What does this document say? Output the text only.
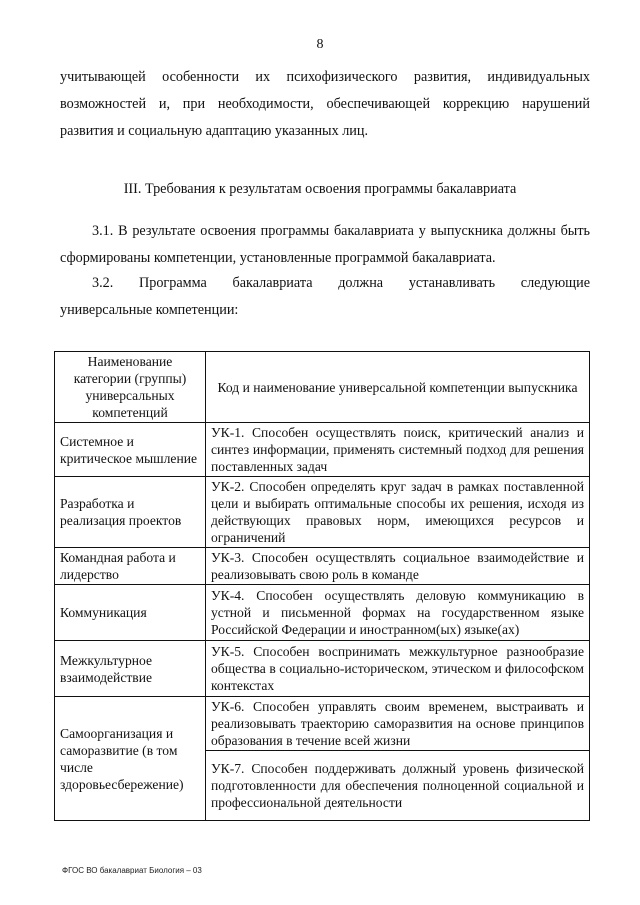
8
учитывающей особенности их психофизического развития, индивидуальных возможностей и, при необходимости, обеспечивающей коррекцию нарушений развития и социальную адаптацию указанных лиц.
III. Требования к результатам освоения программы бакалавриата
3.1. В результате освоения программы бакалавриата у выпускника должны быть сформированы компетенции, установленные программой бакалавриата.
3.2. Программа бакалавриата должна устанавливать следующие
универсальные компетенции:
Наименование категории (группы) универсальных компетенций	Код и наименование универсальной компетенции выпускника
Системное и критическое мышление	УК-1. Способен осуществлять поиск, критический анализ и синтез информации, применять системный подход для решения поставленных задач
Разработка и реализация проектов	УК-2. Способен определять круг задач в рамках поставленной цели и выбирать оптимальные способы их решения, исходя из действующих правовых норм, имеющихся ресурсов и ограничений
Командная работа и лидерство	УК-3. Способен осуществлять социальное взаимодействие и реализовывать свою роль в команде
Коммуникация	УК-4. Способен осуществлять деловую коммуникацию в устной и письменной формах на государственном языке Российской Федерации и иностранном(ых) языке(ах)
Межкультурное взаимодействие	УК-5. Способен воспринимать межкультурное разнообразие общества в социально-историческом, этическом и философском контекстах
Самоорганизация и саморазвитие (в том числе здоровьесбережение)	УК-6. Способен управлять своим временем, выстраивать и реализовывать траекторию саморазвития на основе принципов образования в течение всей жизни
	УК-7. Способен поддерживать должный уровень физической подготовленности для обеспечения полноценной социальной и профессиональной деятельности
ФГОС ВО бакалавриат Биология – 03
